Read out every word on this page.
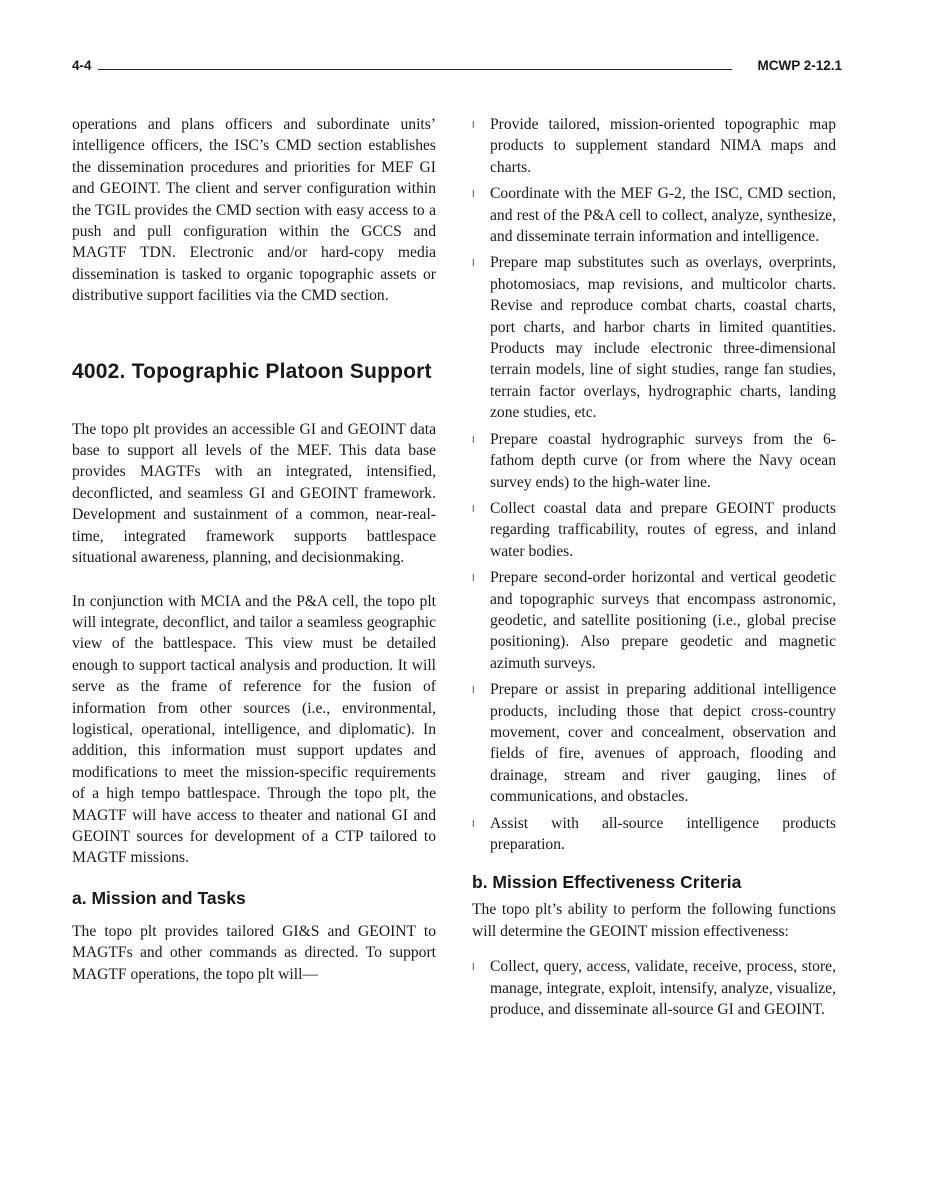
4-4	MCWP 2-12.1

operations and plans officers and subordinate units’ intelligence officers, the ISC’s CMD section establishes the dissemination procedures and priorities for MEF GI and GEOINT. The client and server configuration within the TGIL provides the CMD section with easy access to a push and pull configuration within the GCCS and MAGTF TDN. Electronic and/or hard-copy media dissemination is tasked to organic topographic assets or distributive support facilities via the CMD section.

4002. Topographic Platoon Support

The topo plt provides an accessible GI and GEOINT data base to support all levels of the MEF. This data base provides MAGTFs with an integrated, intensified, deconflicted, and seamless GI and GEOINT framework. Development and sustainment of a common, near-real-time, integrated framework supports battlespace situational awareness, planning, and decisionmaking.

In conjunction with MCIA and the P&A cell, the topo plt will integrate, deconflict, and tailor a seamless geographic view of the battlespace. This view must be detailed enough to support tactical analysis and production. It will serve as the frame of reference for the fusion of information from other sources (i.e., environmental, logistical, operational, intelligence, and diplomatic). In addition, this information must support updates and modifications to meet the mission-specific requirements of a high tempo battlespace. Through the topo plt, the MAGTF will have access to theater and national GI and GEOINT sources for development of a CTP tailored to MAGTF missions.

a. Mission and Tasks

The topo plt provides tailored GI&S and GEOINT to MAGTFs and other commands as directed. To support MAGTF operations, the topo plt will—

l Provide tailored, mission-oriented topographic map products to supplement standard NIMA maps and charts.
l Coordinate with the MEF G-2, the ISC, CMD section, and rest of the P&A cell to collect, analyze, synthesize, and disseminate terrain information and intelligence.
l Prepare map substitutes such as overlays, overprints, photomosiacs, map revisions, and multicolor charts. Revise and reproduce combat charts, coastal charts, port charts, and harbor charts in limited quantities. Products may include electronic three-dimensional terrain models, line of sight studies, range fan studies, terrain factor overlays, hydrographic charts, landing zone studies, etc.
l Prepare coastal hydrographic surveys from the 6-fathom depth curve (or from where the Navy ocean survey ends) to the high-water line.
l Collect coastal data and prepare GEOINT products regarding trafficability, routes of egress, and inland water bodies.
l Prepare second-order horizontal and vertical geodetic and topographic surveys that encompass astronomic, geodetic, and satellite positioning (i.e., global precise positioning). Also prepare geodetic and magnetic azimuth surveys.
l Prepare or assist in preparing additional intelligence products, including those that depict cross-country movement, cover and concealment, observation and fields of fire, avenues of approach, flooding and drainage, stream and river gauging, lines of communications, and obstacles.
l Assist with all-source intelligence products preparation.
b. Mission Effectiveness Criteria

The topo plt’s ability to perform the following functions will determine the GEOINT mission effectiveness:

l Collect, query, access, validate, receive, process, store, manage, integrate, exploit, intensify, analyze, visualize, produce, and disseminate all-source GI and GEOINT.
